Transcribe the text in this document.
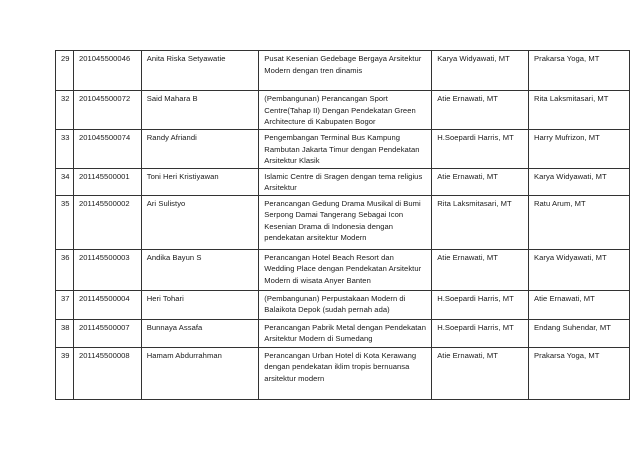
29	201045500046	Anita Riska Setyawatie	Pusat Kesenian Gedebage Bergaya Arsitektur Modern dengan tren dinamis	Karya Widyawati, MT	Prakarsa Yoga, MT
32	201045500072	Said Mahara B	(Pembangunan) Perancangan Sport Centre(Tahap II) Dengan Pendekatan Green Architecture di Kabupaten Bogor	Atie Ernawati, MT	Rita Laksmitasari, MT
33	201045500074	Randy Afriandi	Pengembangan Terminal Bus Kampung Rambutan Jakarta Timur dengan Pendekatan Arsitektur Klasik	H.Soepardi Harris, MT	Harry Mufrizon, MT
34	201145500001	Toni Heri Kristiyawan	Islamic Centre di Sragen dengan tema religius Arsitektur	Atie Ernawati, MT	Karya Widyawati, MT
35	201145500002	Ari Sulistyo	Perancangan Gedung Drama Musikal di Bumi Serpong Damai Tangerang Sebagai Icon Kesenian Drama di Indonesia dengan pendekatan arsitektur Modern	Rita Laksmitasari, MT	Ratu Arum, MT
36	201145500003	Andika Bayun S	Perancangan Hotel Beach Resort dan Wedding Place dengan Pendekatan Arsitektur Modern di wisata Anyer Banten	Atie Ernawati, MT	Karya Widyawati, MT
37	201145500004	Heri Tohari	(Pembangunan) Perpustakaan Modern di Balaikota Depok (sudah pernah ada)	H.Soepardi Harris, MT	Atie Ernawati, MT
38	201145500007	Bunnaya Assafa	Perancangan Pabrik Metal dengan Pendekatan Arsitektur Modern di Sumedang	H.Soepardi Harris, MT	Endang Suhendar, MT
39	201145500008	Hamam Abdurrahman	Perancangan Urban Hotel di Kota Kerawang dengan pendekatan iklim tropis bernuansa arsitektur modern	Atie Ernawati, MT	Prakarsa Yoga, MT
